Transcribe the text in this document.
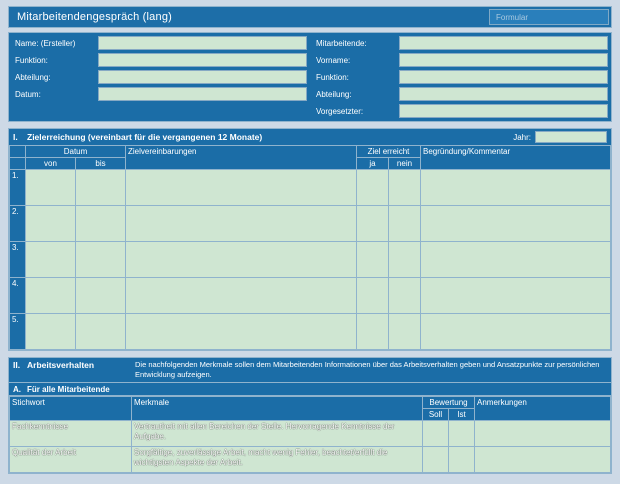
Mitarbeitendengespräch (lang)	Formular
Name: (Ersteller)
Funktion:
Abteilung:
Datum:
Mitarbeitende:
Vorname:
Funktion:
Abteilung:
Vorgesetzter:
I.	Zielerreichung (vereinbart für die vergangenen 12 Monate)	Jahr:
	Datum		Zielvereinbarungen	Ziel erreicht		Begründung/Kommentar
	von	bis		ja	nein	
1.						
2.						
3.						
4.						
5.						
II. Arbeitsverhalten	Die nachfolgenden Merkmale sollen dem Mitarbeitenden Informationen über das Arbeitsverhalten geben und Ansatzpunkte zur persönlichen Entwicklung aufzeigen.
A. Für alle Mitarbeitende
Stichwort	Merkmale	Bewertung		Anmerkungen
		Soll	Ist	
Fachkenntnisse	Vertrautheit mit allen Bereichen der Stelle. Hervorragende Kenntnisse der Aufgabe.			
Qualität der Arbeit	Sorgfältige, zuverlässige Arbeit, macht wenig Fehler, beachtet/erfüllt die wichtigsten Aspekte der Arbeit.			
